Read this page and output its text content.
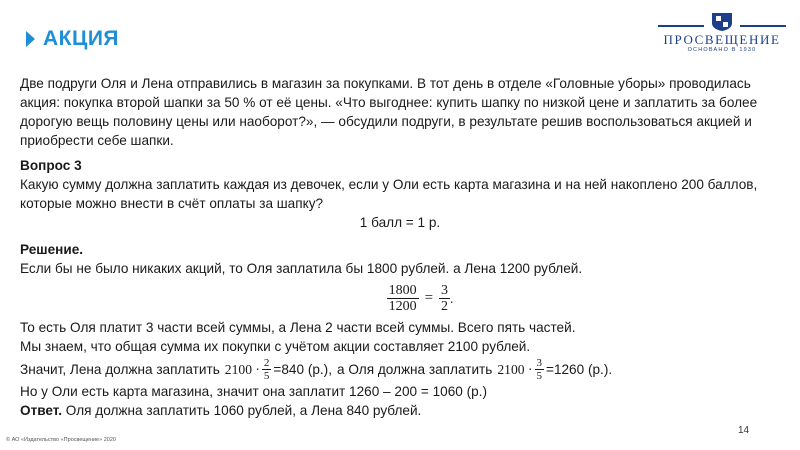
АКЦИЯ	ПРОСВЕЩЕНИЕ
ОСНОВАНО В 1930

Две подруги Оля и Лена отправились в магазин за покупками. В тот день в отделе «Головные уборы» проводилась акция: покупка второй шапки за 50 % от её цены. «Что выгоднее: купить шапку по низкой цене и заплатить за более дорогую вещь половину цены или наоборот?», — обсудили подруги, в результате решив воспользоваться акцией и приобрести себе шапки.

Вопрос 3

Какую сумму должна заплатить каждая из девочек, если у Оли есть карта магазина и на ней накоплено 200 баллов, которые можно внести в счёт оплаты за шапку?

1 балл = 1 р.

Решение.

Если бы не было никаких акций, то Оля заплатила бы 1800 рублей. а Лена 1200 рублей.

$\frac{1800}{1200} = \frac{3}{2}$ .

То есть Оля платит 3 части всей суммы, а Лена 2 части всей суммы. Всего пять частей.

Мы знаем, что общая сумма их покупки с учётом акции составляет 2100 рублей.

Значит, Лена должна заплатить $2100 \cdot \frac{2}{5} =840$ (р.), а Оля должна заплатить $2100 \cdot \frac{3}{5} =1260$ (р.).

Но у Оли есть карта магазина, значит она заплатит 1260 – 200 = 1060 (р.)

Ответ. Оля должна заплатить 1060 рублей, а Лена 840 рублей.

© АО «Издательство «Просвещение» 2020
14
